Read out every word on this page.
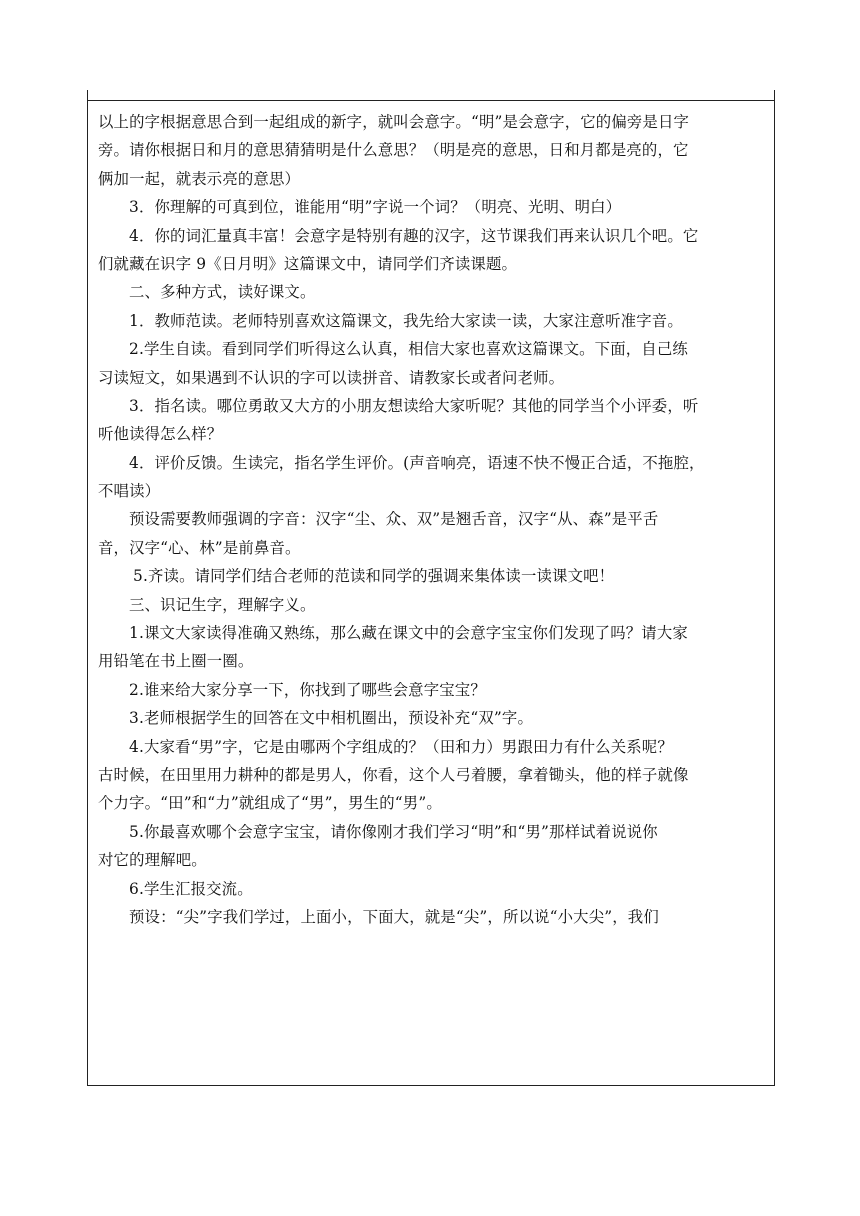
以上的字根据意思合到一起组成的新字，就叫会意字。“明”是会意字，它的偏旁是日字
旁。请你根据日和月的意思猜猜明是什么意思？（明是亮的意思，日和月都是亮的，它
俩加一起，就表示亮的意思）
3．你理解的可真到位，谁能用“明”字说一个词？（明亮、光明、明白）
4．你的词汇量真丰富！会意字是特别有趣的汉字，这节课我们再来认识几个吧。它
们就藏在识字 9《日月明》这篇课文中，请同学们齐读课题。
二、多种方式，读好课文。
1．教师范读。老师特别喜欢这篇课文，我先给大家读一读，大家注意听准字音。
2.学生自读。看到同学们听得这么认真，相信大家也喜欢这篇课文。下面，自己练
习读短文，如果遇到不认识的字可以读拼音、请教家长或者问老师。
3．指名读。哪位勇敢又大方的小朋友想读给大家听呢？其他的同学当个小评委，听
听他读得怎么样？
4．评价反馈。生读完，指名学生评价。(声音响亮，语速不快不慢正合适，不拖腔，
不唱读）
预设需要教师强调的字音：汉字“尘、众、双”是翘舌音，汉字“从、森”是平舌
音，汉字“心、林”是前鼻音。
5.齐读。请同学们结合老师的范读和同学的强调来集体读一读课文吧！
三、识记生字，理解字义。
1.课文大家读得准确又熟练，那么藏在课文中的会意字宝宝你们发现了吗？请大家
用铅笔在书上圈一圈。
2.谁来给大家分享一下，你找到了哪些会意字宝宝？
3.老师根据学生的回答在文中相机圈出，预设补充“双”字。
4.大家看“男”字，它是由哪两个字组成的？（田和力）男跟田力有什么关系呢？
古时候，在田里用力耕种的都是男人，你看，这个人弓着腰，拿着锄头，他的样子就像
个力字。“田”和“力”就组成了“男”，男生的“男”。
5.你最喜欢哪个会意字宝宝，请你像刚才我们学习“明”和“男”那样试着说说你
对它的理解吧。
6.学生汇报交流。
预设：“尖”字我们学过，上面小，下面大，就是“尖”，所以说“小大尖”，我们
